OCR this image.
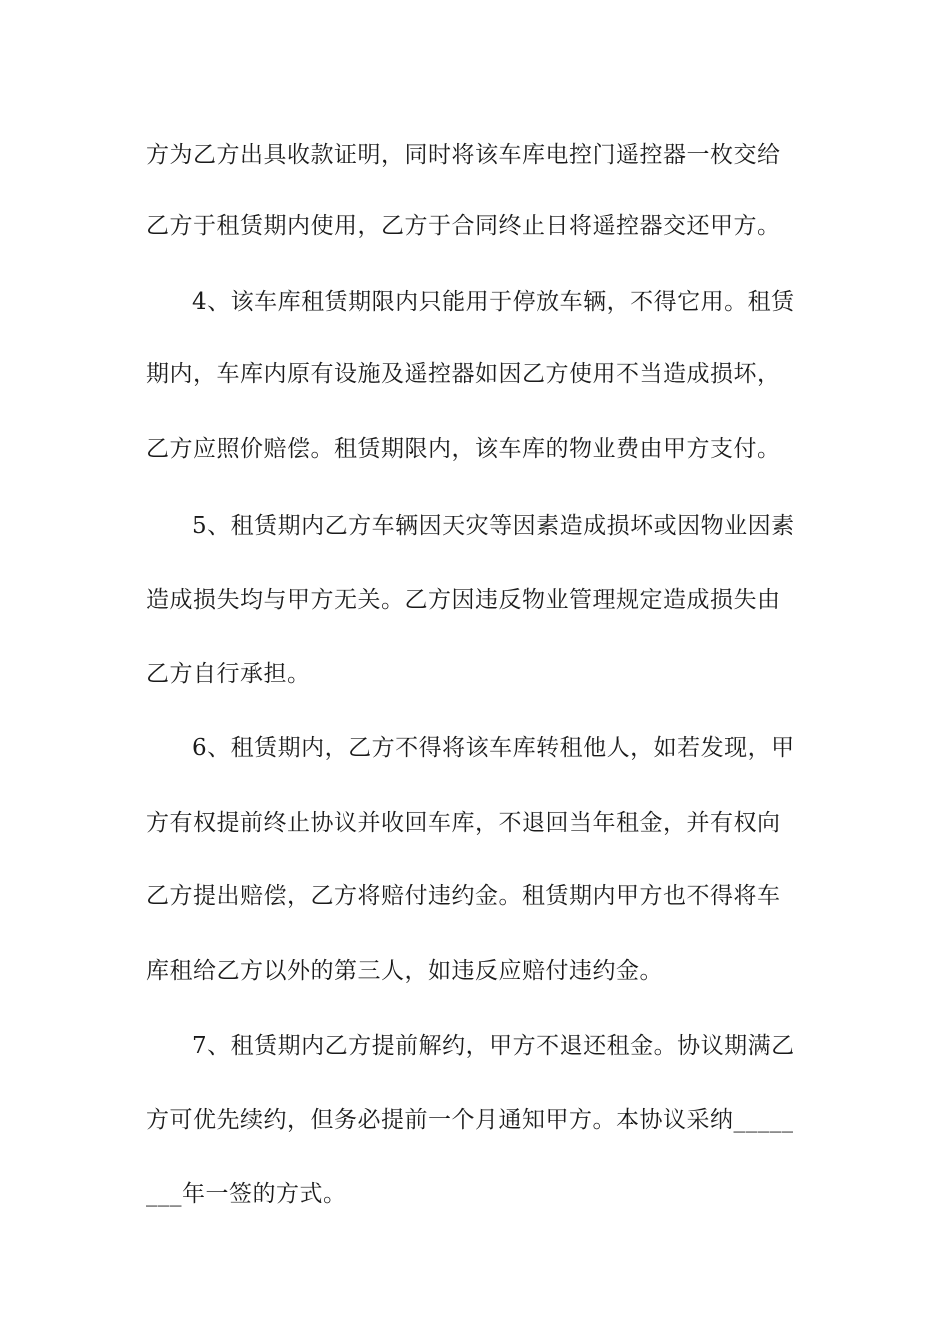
方为乙方出具收款证明，同时将该车库电控门遥控器一枚交给
乙方于租赁期内使用，乙方于合同终止日将遥控器交还甲方。
4、该车库租赁期限内只能用于停放车辆，不得它用。租赁
期内，车库内原有设施及遥控器如因乙方使用不当造成损坏，
乙方应照价赔偿。租赁期限内，该车库的物业费由甲方支付。
5、租赁期内乙方车辆因天灾等因素造成损坏或因物业因素
造成损失均与甲方无关。乙方因违反物业管理规定造成损失由
乙方自行承担。
6、租赁期内，乙方不得将该车库转租他人，如若发现，甲
方有权提前终止协议并收回车库，不退回当年租金，并有权向
乙方提出赔偿，乙方将赔付违约金。租赁期内甲方也不得将车
库租给乙方以外的第三人，如违反应赔付违约金。
7、租赁期内乙方提前解约，甲方不退还租金。协议期满乙
方可优先续约，但务必提前一个月通知甲方。本协议采纳_____
___年一签的方式。
